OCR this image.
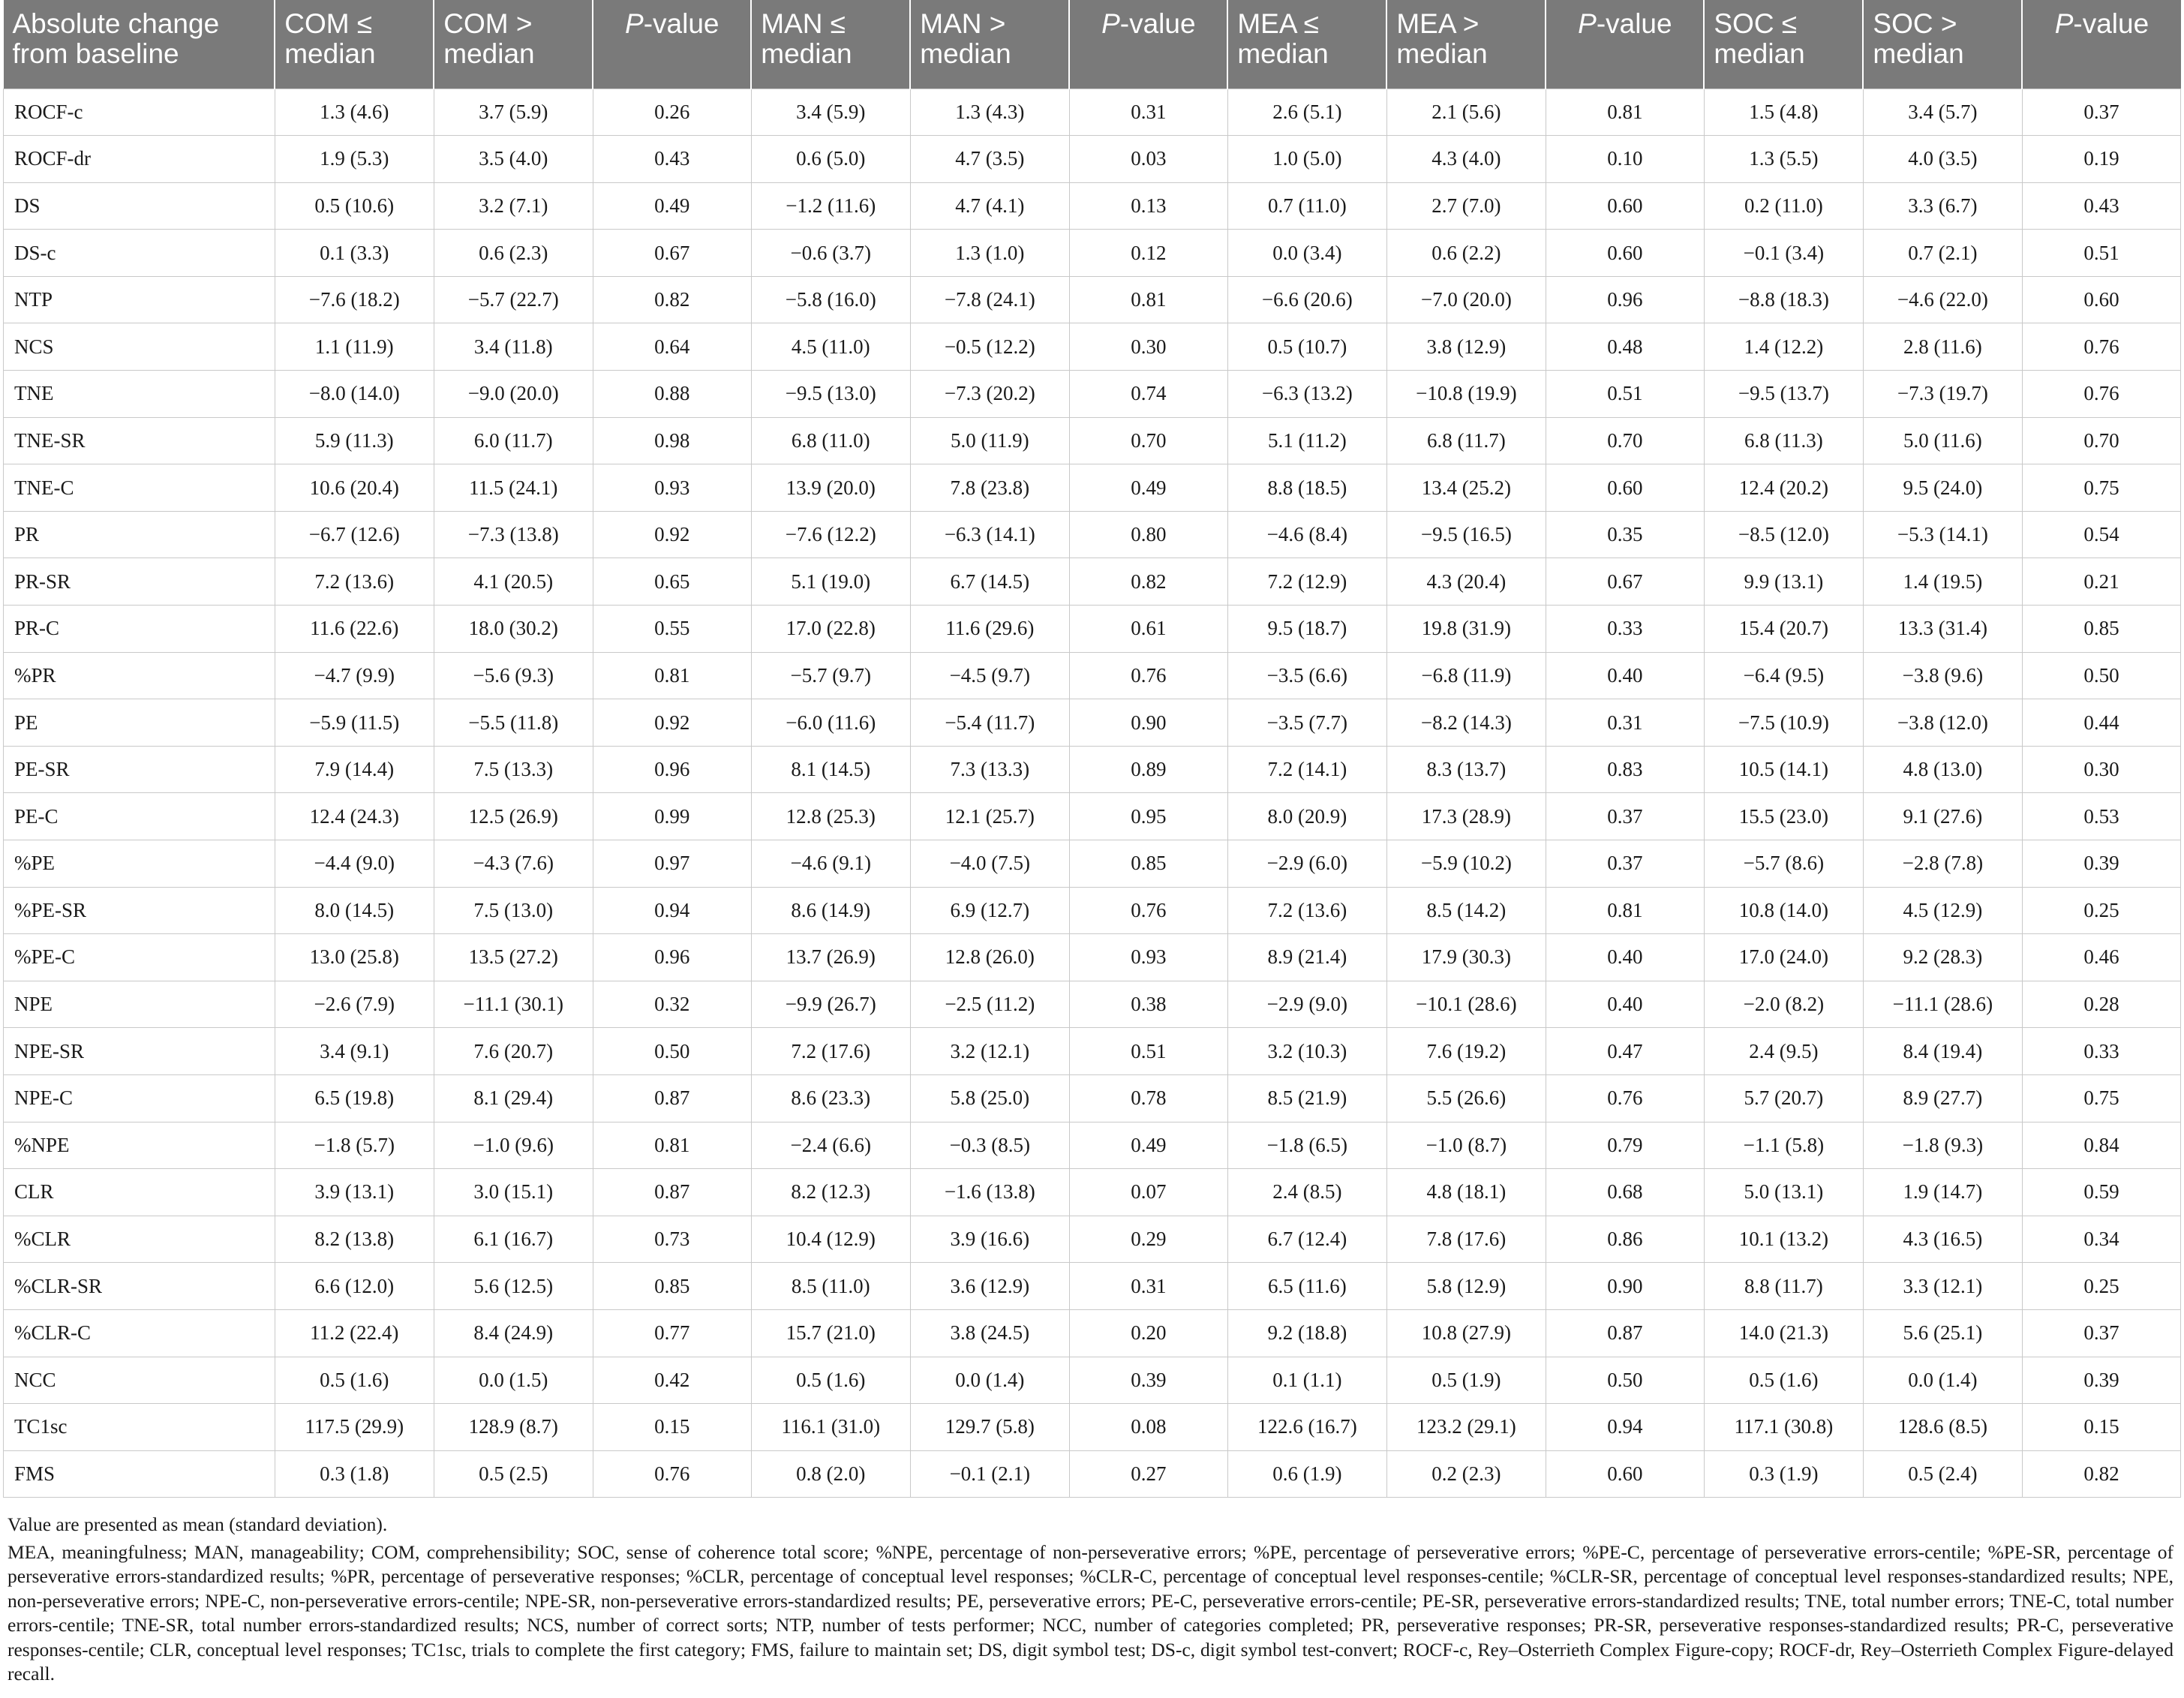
Absolute change from baseline	COM ≤ median	COM > median	P-value	MAN ≤ median	MAN > median	P-value	MEA ≤ median	MEA > median	P-value	SOC ≤ median	SOC > median	P-value
ROCF-c	1.3 (4.6)	3.7 (5.9)	0.26	3.4 (5.9)	1.3 (4.3)	0.31	2.6 (5.1)	2.1 (5.6)	0.81	1.5 (4.8)	3.4 (5.7)	0.37
ROCF-dr	1.9 (5.3)	3.5 (4.0)	0.43	0.6 (5.0)	4.7 (3.5)	0.03	1.0 (5.0)	4.3 (4.0)	0.10	1.3 (5.5)	4.0 (3.5)	0.19
DS	0.5 (10.6)	3.2 (7.1)	0.49	−1.2 (11.6)	4.7 (4.1)	0.13	0.7 (11.0)	2.7 (7.0)	0.60	0.2 (11.0)	3.3 (6.7)	0.43
DS-c	0.1 (3.3)	0.6 (2.3)	0.67	−0.6 (3.7)	1.3 (1.0)	0.12	0.0 (3.4)	0.6 (2.2)	0.60	−0.1 (3.4)	0.7 (2.1)	0.51
NTP	−7.6 (18.2)	−5.7 (22.7)	0.82	−5.8 (16.0)	−7.8 (24.1)	0.81	−6.6 (20.6)	−7.0 (20.0)	0.96	−8.8 (18.3)	−4.6 (22.0)	0.60
NCS	1.1 (11.9)	3.4 (11.8)	0.64	4.5 (11.0)	−0.5 (12.2)	0.30	0.5 (10.7)	3.8 (12.9)	0.48	1.4 (12.2)	2.8 (11.6)	0.76
TNE	−8.0 (14.0)	−9.0 (20.0)	0.88	−9.5 (13.0)	−7.3 (20.2)	0.74	−6.3 (13.2)	−10.8 (19.9)	0.51	−9.5 (13.7)	−7.3 (19.7)	0.76
TNE-SR	5.9 (11.3)	6.0 (11.7)	0.98	6.8 (11.0)	5.0 (11.9)	0.70	5.1 (11.2)	6.8 (11.7)	0.70	6.8 (11.3)	5.0 (11.6)	0.70
TNE-C	10.6 (20.4)	11.5 (24.1)	0.93	13.9 (20.0)	7.8 (23.8)	0.49	8.8 (18.5)	13.4 (25.2)	0.60	12.4 (20.2)	9.5 (24.0)	0.75
PR	−6.7 (12.6)	−7.3 (13.8)	0.92	−7.6 (12.2)	−6.3 (14.1)	0.80	−4.6 (8.4)	−9.5 (16.5)	0.35	−8.5 (12.0)	−5.3 (14.1)	0.54
PR-SR	7.2 (13.6)	4.1 (20.5)	0.65	5.1 (19.0)	6.7 (14.5)	0.82	7.2 (12.9)	4.3 (20.4)	0.67	9.9 (13.1)	1.4 (19.5)	0.21
PR-C	11.6 (22.6)	18.0 (30.2)	0.55	17.0 (22.8)	11.6 (29.6)	0.61	9.5 (18.7)	19.8 (31.9)	0.33	15.4 (20.7)	13.3 (31.4)	0.85
%PR	−4.7 (9.9)	−5.6 (9.3)	0.81	−5.7 (9.7)	−4.5 (9.7)	0.76	−3.5 (6.6)	−6.8 (11.9)	0.40	−6.4 (9.5)	−3.8 (9.6)	0.50
PE	−5.9 (11.5)	−5.5 (11.8)	0.92	−6.0 (11.6)	−5.4 (11.7)	0.90	−3.5 (7.7)	−8.2 (14.3)	0.31	−7.5 (10.9)	−3.8 (12.0)	0.44
PE-SR	7.9 (14.4)	7.5 (13.3)	0.96	8.1 (14.5)	7.3 (13.3)	0.89	7.2 (14.1)	8.3 (13.7)	0.83	10.5 (14.1)	4.8 (13.0)	0.30
PE-C	12.4 (24.3)	12.5 (26.9)	0.99	12.8 (25.3)	12.1 (25.7)	0.95	8.0 (20.9)	17.3 (28.9)	0.37	15.5 (23.0)	9.1 (27.6)	0.53
%PE	−4.4 (9.0)	−4.3 (7.6)	0.97	−4.6 (9.1)	−4.0 (7.5)	0.85	−2.9 (6.0)	−5.9 (10.2)	0.37	−5.7 (8.6)	−2.8 (7.8)	0.39
%PE-SR	8.0 (14.5)	7.5 (13.0)	0.94	8.6 (14.9)	6.9 (12.7)	0.76	7.2 (13.6)	8.5 (14.2)	0.81	10.8 (14.0)	4.5 (12.9)	0.25
%PE-C	13.0 (25.8)	13.5 (27.2)	0.96	13.7 (26.9)	12.8 (26.0)	0.93	8.9 (21.4)	17.9 (30.3)	0.40	17.0 (24.0)	9.2 (28.3)	0.46
NPE	−2.6 (7.9)	−11.1 (30.1)	0.32	−9.9 (26.7)	−2.5 (11.2)	0.38	−2.9 (9.0)	−10.1 (28.6)	0.40	−2.0 (8.2)	−11.1 (28.6)	0.28
NPE-SR	3.4 (9.1)	7.6 (20.7)	0.50	7.2 (17.6)	3.2 (12.1)	0.51	3.2 (10.3)	7.6 (19.2)	0.47	2.4 (9.5)	8.4 (19.4)	0.33
NPE-C	6.5 (19.8)	8.1 (29.4)	0.87	8.6 (23.3)	5.8 (25.0)	0.78	8.5 (21.9)	5.5 (26.6)	0.76	5.7 (20.7)	8.9 (27.7)	0.75
%NPE	−1.8 (5.7)	−1.0 (9.6)	0.81	−2.4 (6.6)	−0.3 (8.5)	0.49	−1.8 (6.5)	−1.0 (8.7)	0.79	−1.1 (5.8)	−1.8 (9.3)	0.84
CLR	3.9 (13.1)	3.0 (15.1)	0.87	8.2 (12.3)	−1.6 (13.8)	0.07	2.4 (8.5)	4.8 (18.1)	0.68	5.0 (13.1)	1.9 (14.7)	0.59
%CLR	8.2 (13.8)	6.1 (16.7)	0.73	10.4 (12.9)	3.9 (16.6)	0.29	6.7 (12.4)	7.8 (17.6)	0.86	10.1 (13.2)	4.3 (16.5)	0.34
%CLR-SR	6.6 (12.0)	5.6 (12.5)	0.85	8.5 (11.0)	3.6 (12.9)	0.31	6.5 (11.6)	5.8 (12.9)	0.90	8.8 (11.7)	3.3 (12.1)	0.25
%CLR-C	11.2 (22.4)	8.4 (24.9)	0.77	15.7 (21.0)	3.8 (24.5)	0.20	9.2 (18.8)	10.8 (27.9)	0.87	14.0 (21.3)	5.6 (25.1)	0.37
NCC	0.5 (1.6)	0.0 (1.5)	0.42	0.5 (1.6)	0.0 (1.4)	0.39	0.1 (1.1)	0.5 (1.9)	0.50	0.5 (1.6)	0.0 (1.4)	0.39
TC1sc	117.5 (29.9)	128.9 (8.7)	0.15	116.1 (31.0)	129.7 (5.8)	0.08	122.6 (16.7)	123.2 (29.1)	0.94	117.1 (30.8)	128.6 (8.5)	0.15
FMS	0.3 (1.8)	0.5 (2.5)	0.76	0.8 (2.0)	−0.1 (2.1)	0.27	0.6 (1.9)	0.2 (2.3)	0.60	0.3 (1.9)	0.5 (2.4)	0.82

Value are presented as mean (standard deviation).

MEA, meaningfulness; MAN, manageability; COM, comprehensibility; SOC, sense of coherence total score; %NPE, percentage of non-perseverative errors; %PE, percentage of perseverative errors; %PE-C, percentage of perseverative errors-centile; %PE-SR, percentage of perseverative errors-standardized results; %PR, percentage of perseverative responses; %CLR, percentage of conceptual level responses; %CLR-C, percentage of conceptual level responses-centile; %CLR-SR, percentage of conceptual level responses-standardized results; NPE, non-perseverative errors; NPE-C, non-perseverative errors-centile; NPE-SR, non-perseverative errors-standardized results; PE, perseverative errors; PE-C, perseverative errors-centile; PE-SR, perseverative errors-standardized results; TNE, total number errors; TNE-C, total number errors-centile; TNE-SR, total number errors-standardized results; NCS, number of correct sorts; NTP, number of tests performer; NCC, number of categories completed; PR, perseverative responses; PR-SR, perseverative responses-standardized results; PR-C, perseverative responses-centile; CLR, conceptual level responses; TC1sc, trials to complete the first category; FMS, failure to maintain set; DS, digit symbol test; DS-c, digit symbol test-convert; ROCF-c, Rey–Osterrieth Complex Figure-copy; ROCF-dr, Rey–Osterrieth Complex Figure-delayed recall.
